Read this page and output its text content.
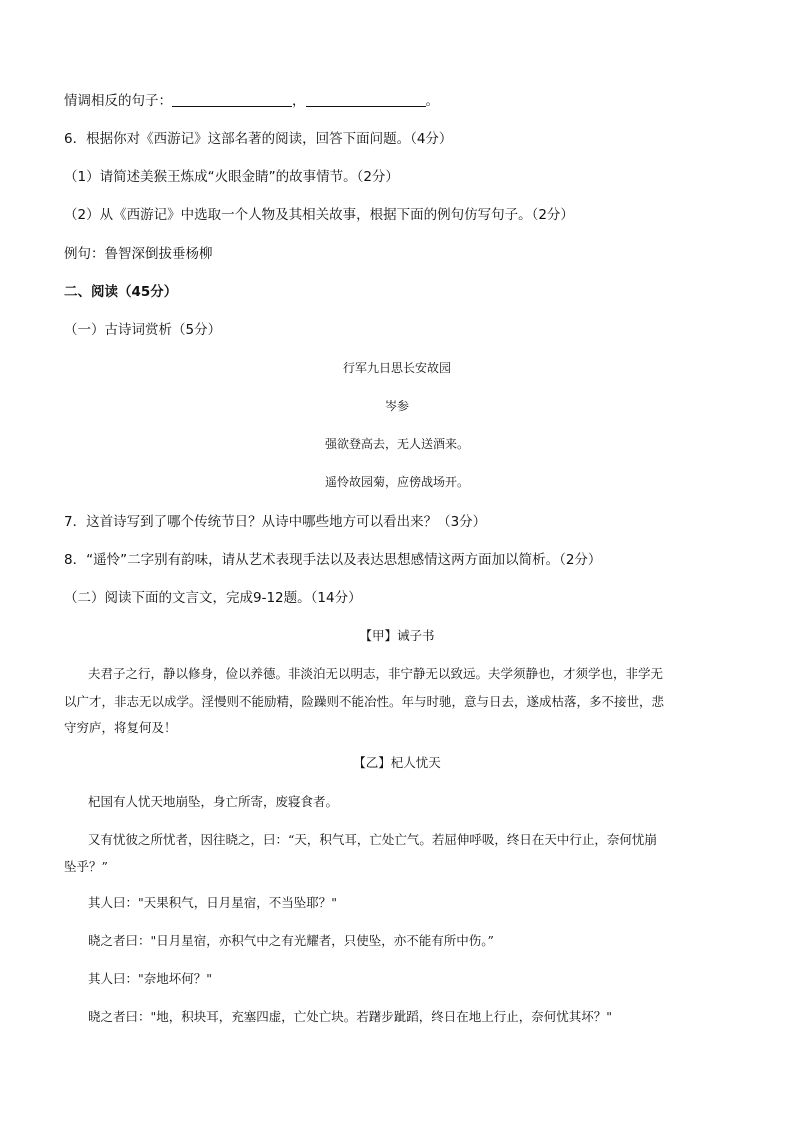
情调相反的句子：	，	。
6．根据你对《西游记》这部名著的阅读，回答下面问题。（4分）
（1）请简述美猴王炼成“火眼金睛”的故事情节。（2分）
（2）从《西游记》中选取一个人物及其相关故事，根据下面的例句仿写句子。（2分）
例句：鲁智深倒拔垂杨柳
二、阅读（45分）
（一）古诗词赏析（5分）
行军九日思长安故园
岑参
强欲登高去，无人送酒来。
遥怜故园菊，应傍战场开。
7．这首诗写到了哪个传统节日？从诗中哪些地方可以看出来？（3分）
8．“遥怜”二字别有韵味，请从艺术表现手法以及表达思想感情这两方面加以简析。（2分）
（二）阅读下面的文言文，完成9-12题。（14分）
【甲】诫子书
夫君子之行，静以修身，俭以养德。非淡泊无以明志，非宁静无以致远。夫学须静也，才须学也，非学无
以广才，非志无以成学。淫慢则不能励精，险躁则不能冶性。年与时驰，意与日去，遂成枯落，多不接世，悲
守穷庐，将复何及！
【乙】杞人忧天
杞国有人忧天地崩坠，身亡所寄，废寝食者。
又有忧彼之所忧者，因往晓之，曰：“天，积气耳，亡处亡气。若屈伸呼吸，终日在天中行止，奈何忧崩
坠乎？”
其人曰："天果积气，日月星宿，不当坠耶？"
晓之者曰："日月星宿，亦积气中之有光耀者，只使坠，亦不能有所中伤。”
其人曰："奈地坏何？"
晓之者曰："地，积块耳，充塞四虚，亡处亡块。若躇步跐蹈，终日在地上行止，奈何忧其坏？"
